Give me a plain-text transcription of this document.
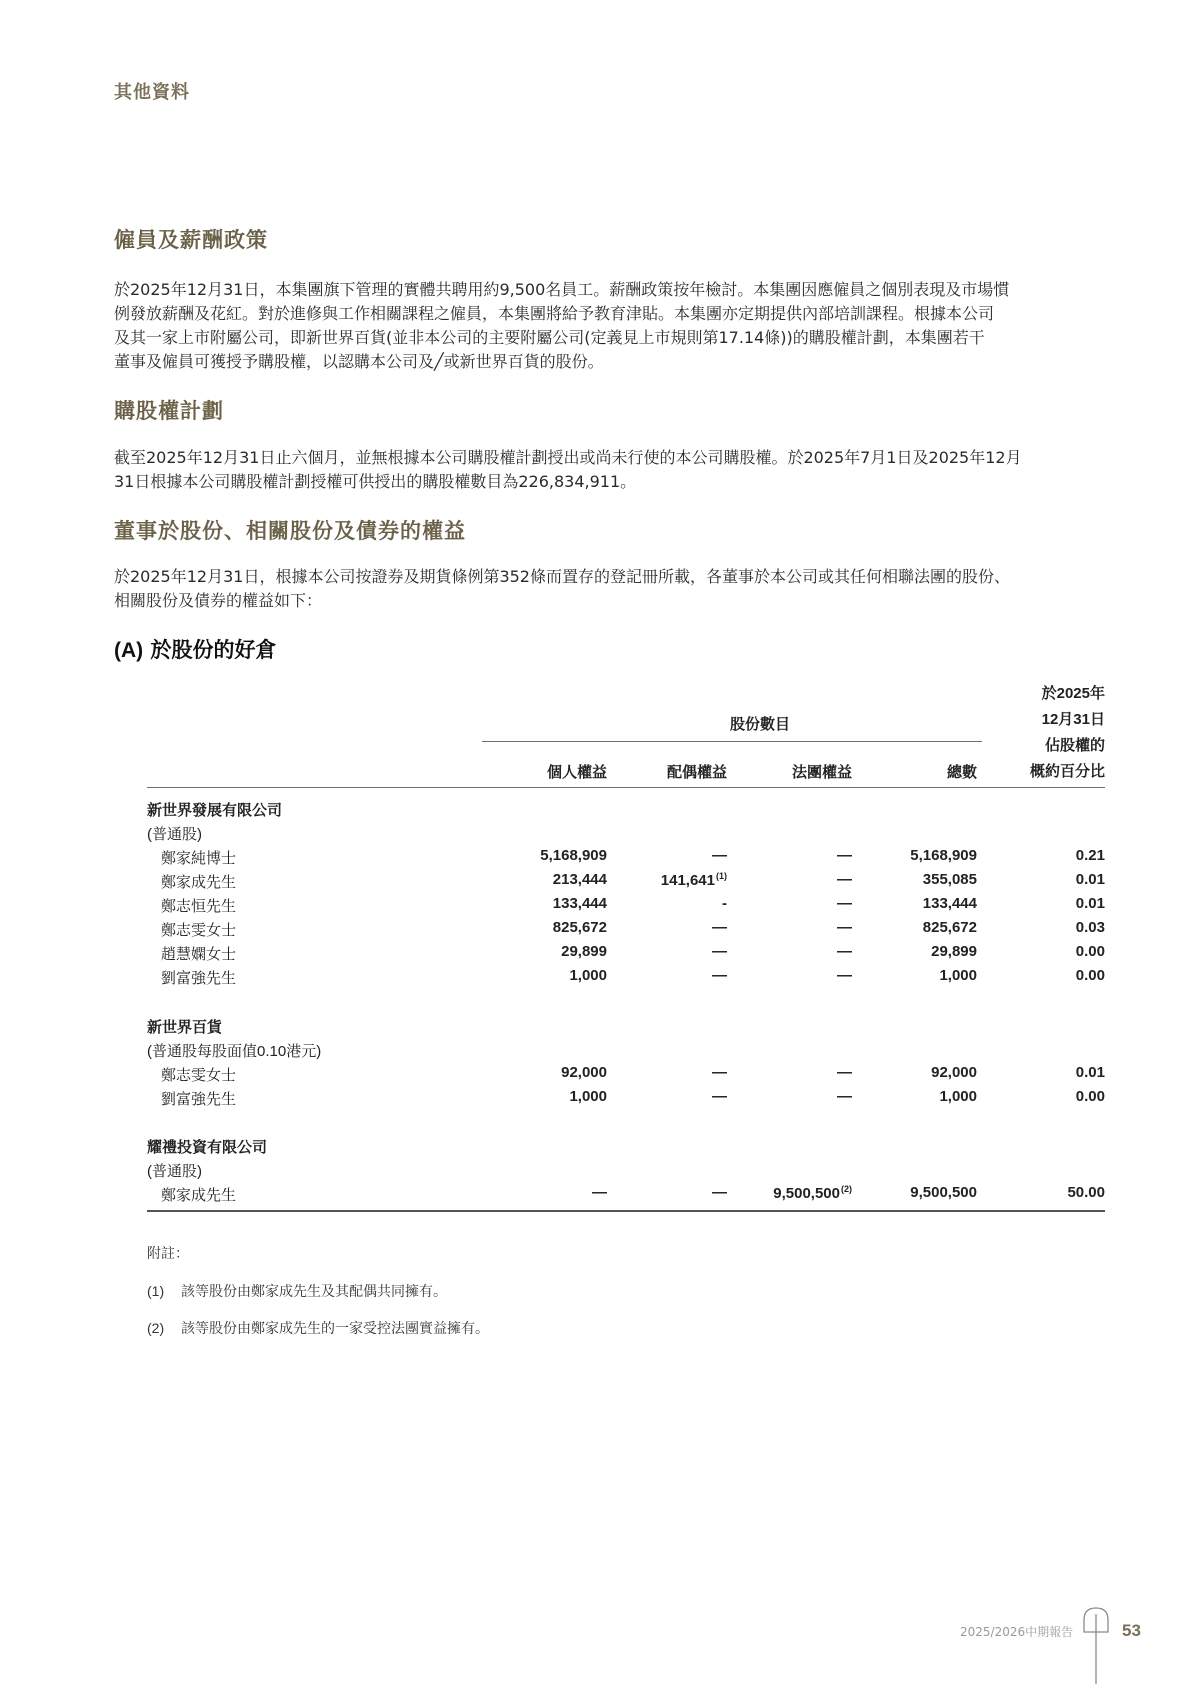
其他資料
僱員及薪酬政策
於2025年12月31日，本集團旗下管理的實體共聘用約9,500名員工。薪酬政策按年檢討。本集團因應僱員之個別表現及市場慣
例發放薪酬及花紅。對於進修與工作相關課程之僱員，本集團將給予教育津貼。本集團亦定期提供內部培訓課程。根據本公司
及其一家上市附屬公司，即新世界百貨(並非本公司的主要附屬公司(定義見上市規則第17.14條))的購股權計劃，本集團若干
董事及僱員可獲授予購股權，以認購本公司及╱或新世界百貨的股份。
購股權計劃
截至2025年12月31日止六個月，並無根據本公司購股權計劃授出或尚未行使的本公司購股權。於2025年7月1日及2025年12月
31日根據本公司購股權計劃授權可供授出的購股權數目為226,834,911。
董事於股份、相關股份及債券的權益
於2025年12月31日，根據本公司按證券及期貨條例第352條而置存的登記冊所載，各董事於本公司或其任何相聯法團的股份、
相關股份及債券的權益如下：
(A) 於股份的好倉
股份數目
於2025年
12月31日
佔股權的
概約百分比
個人權益	配偶權益	法團權益	總數
新世界發展有限公司
(普通股)
鄭家純博士	5,168,909	—	—	5,168,909	0.21
鄭家成先生	213,444	141,641$^{(1)}$	—	355,085	0.01
鄭志恒先生	133,444	-	—	133,444	0.01
鄭志雯女士	825,672	—	—	825,672	0.03
趙慧嫻女士	29,899	—	—	29,899	0.00
劉富強先生	1,000	—	—	1,000	0.00
新世界百貨
(普通股每股面值0.10港元)
鄭志雯女士	92,000	—	—	92,000	0.01
劉富強先生	1,000	—	—	1,000	0.00
耀禮投資有限公司
(普通股)
鄭家成先生	—	—	9,500,500$^{(2)}$	9,500,500	50.00
附註：
(1) 該等股份由鄭家成先生及其配偶共同擁有。
(2) 該等股份由鄭家成先生的一家受控法團實益擁有。
2025/2026中期報告	53
